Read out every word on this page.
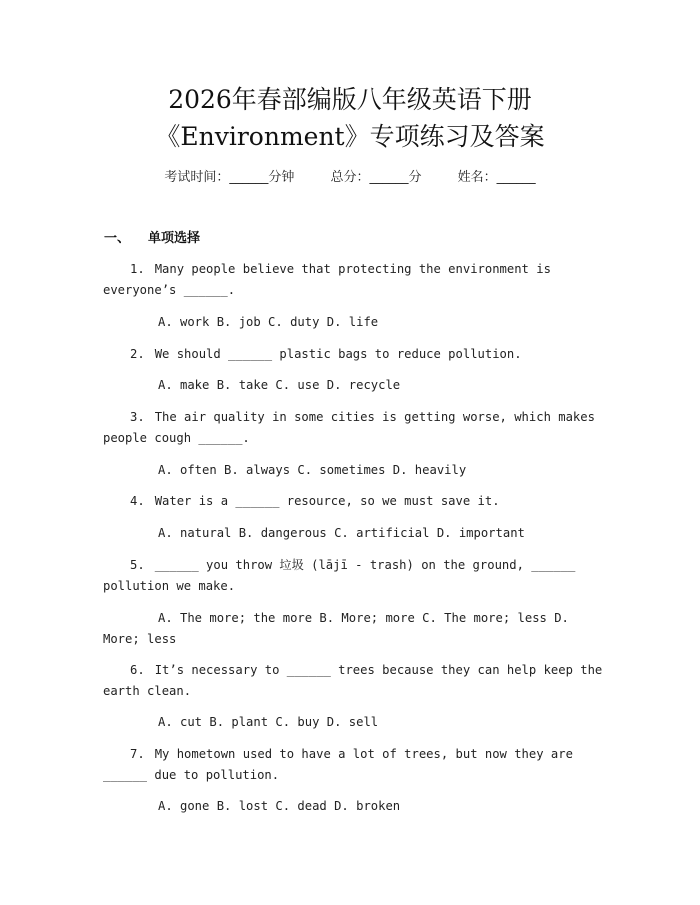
2026年春部编版八年级英语下册
《Environment》专项练习及答案
考试时间：______分钟	总分：______分	姓名：______
一、 单项选择
1. Many people believe that protecting the environment is everyone’s ______.
A. work B. job C. duty D. life
2. We should ______ plastic bags to reduce pollution.
A. make B. take C. use D. recycle
3. The air quality in some cities is getting worse, which makes people cough ______.
A. often B. always C. sometimes D. heavily
4. Water is a ______ resource, so we must save it.
A. natural B. dangerous C. artificial D. important
5. ______ you throw 垃圾 (lājī - trash) on the ground, ______ pollution we make.
A. The more; the more B. More; more C. The more; less D. More; less
6. It’s necessary to ______ trees because they can help keep the earth clean.
A. cut B. plant C. buy D. sell
7. My hometown used to have a lot of trees, but now they are ______ due to pollution.
A. gone B. lost C. dead D. broken
